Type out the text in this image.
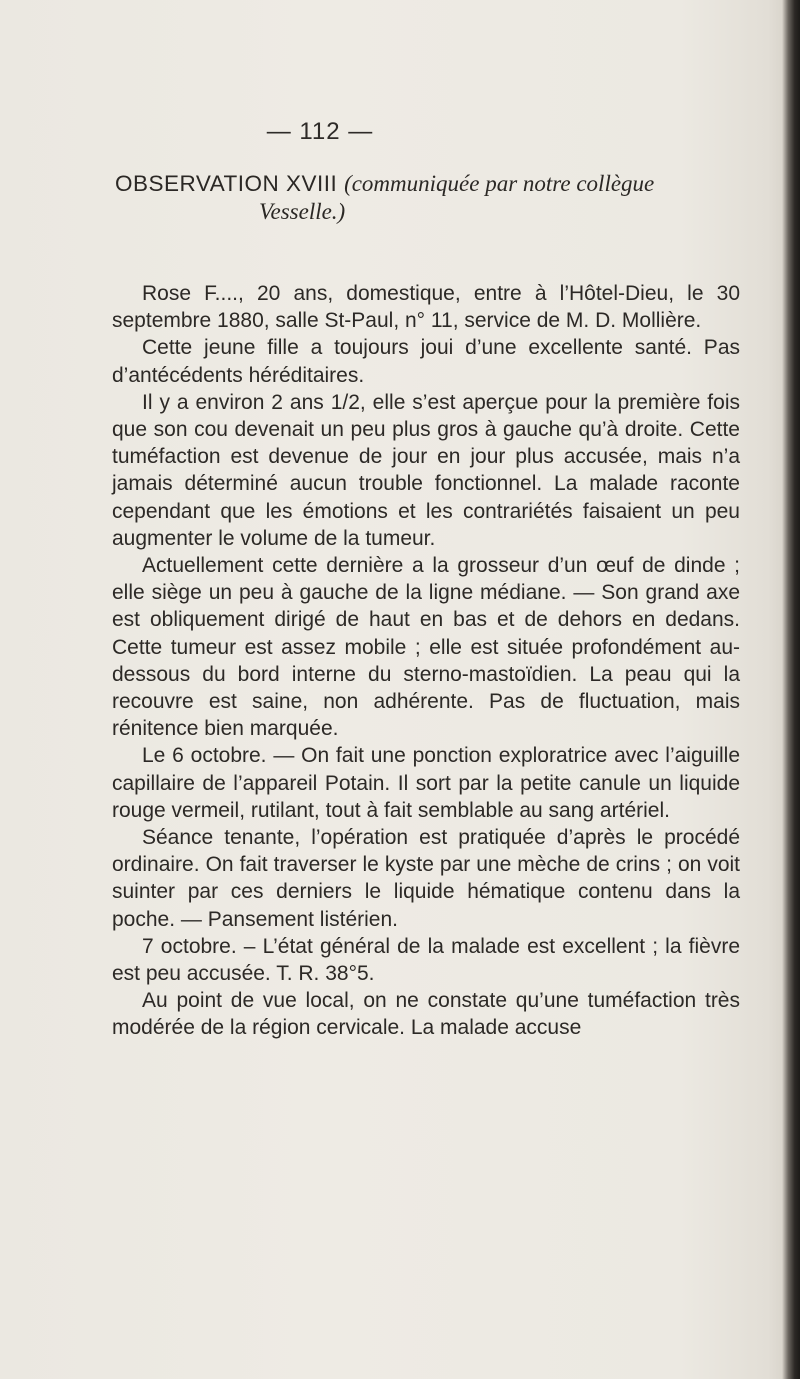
— 112 —
OBSERVATION XVIII (communiquée par notre collègue
Vesselle.)

Rose F...., 20 ans, domestique, entre à l’Hôtel-Dieu, le 30 septembre 1880, salle St-Paul, n° 11, service de M. D. Mollière.

Cette jeune fille a toujours joui d’une excellente santé. Pas d’antécédents héréditaires.

Il y a environ 2 ans 1/2, elle s’est aperçue pour la première fois que son cou devenait un peu plus gros à gauche qu’à droite. Cette tuméfaction est devenue de jour en jour plus accusée, mais n’a jamais déterminé aucun trouble fonctionnel. La malade raconte cependant que les émotions et les contrariétés faisaient un peu augmenter le volume de la tumeur.

Actuellement cette dernière a la grosseur d’un œuf de dinde ; elle siège un peu à gauche de la ligne médiane. — Son grand axe est obliquement dirigé de haut en bas et de dehors en dedans. Cette tumeur est assez mobile ; elle est située profondément au-dessous du bord interne du sterno-mastoïdien. La peau qui la recouvre est saine, non adhérente. Pas de fluctuation, mais rénitence bien marquée.

Le 6 octobre. — On fait une ponction exploratrice avec l’aiguille capillaire de l’appareil Potain. Il sort par la petite canule un liquide rouge vermeil, rutilant, tout à fait semblable au sang artériel.

Séance tenante, l’opération est pratiquée d’après le procédé ordinaire. On fait traverser le kyste par une mèche de crins ; on voit suinter par ces derniers le liquide hématique contenu dans la poche. — Pansement listérien.

7 octobre. – L’état général de la malade est excellent ; la fièvre est peu accusée. T. R. 38°5.

Au point de vue local, on ne constate qu’une tuméfaction très modérée de la région cervicale. La malade accuse
